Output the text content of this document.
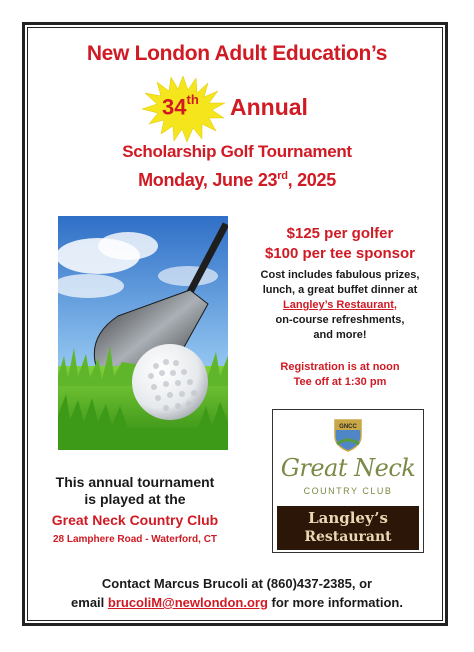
New London Adult Education’s
34th Annual
Scholarship Golf Tournament
Monday, June 23rd, 2025
$125 per golfer
$100 per tee sponsor
Cost includes fabulous prizes,
lunch, a great buffet dinner at
Langley’s Restaurant,
on-course refreshments,
and more!
Registration is at noon
Tee off at 1:30 pm
GNCC
Great Neck
COUNTRY CLUB
Langley’s
Restaurant
This annual tournament
is played at the
Great Neck Country Club
28 Lamphere Road - Waterford, CT
Contact Marcus Brucoli at (860)437-2385, or
email brucoliM@newlondon.org for more information.
